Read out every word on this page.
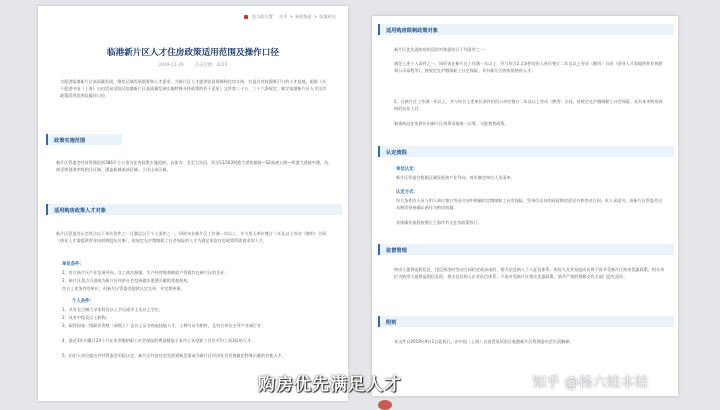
您当前位置： 首页 > 新闻频道 > 临港时讯
临港新片区人才住房政策适用范围及操作口径
2019-11-29	点击次数：4315
为促进临港新片区高质量发展，聚焦区域发展需要和人才需求，为新片区人才提供安居保障和住房支持，打造具有较强吸引力的人才高地，根据《关于促进中国（上海）自由贸易试验区临港新片区高质量发展实施特殊支持政策的若干意见》文件第三十五、三十六条规定，制定临港新片区人才住房政策适用范围及操作口径。
政策实施范围
新片区管委会经济管理范围386平方公里为住房政策实施范围。具体为：北至大治河，西至G1503两港大道快速路—S2高速公路—两港大道接中港，东、南至规划海岸线围合区域，涵盖新城南部区域，小洋山岛区域。
适用购房政策人才对象
新片区管委会认定符合以下单位条件之一且满足以下个人条件之一，同时该在新片区工作满一年以上、并与用人单位签订二年及以上劳动（聘用）合同（创业人才需提供营业执照和股东名册），按规定在沪缴纳职工社会保险的人才为满足本次住房政策所需请求的人才。
单位条件：
1、符合新片区产业发展导向，且工商注册地、生产经营地和税收户管辖均在新片区的企业；
2、新片区重点引进或为新片区经济社会发展做出重要贡献的其他机构。
符合上述条件的单位，由新片区管委会提供认定名单，并定期更新。
个人条件：
1、具有全日制大学本科及以上学历或学士及以上学位；
2、具有中级及以上职称；
3、取得国家二级职业资格（高级工）及以上证书的高技能人才，工种与证书相符，且符合单位主导产业或行业；
4、最近3年内累计24个月在本市缴纳职工社会保险的费基数高于本市上年度职工社会平均工资3倍的人才；
5、由用人单位提出并经管委会申报认定，新片区经济社会发展紧缺急需或为新片区经济社会发展做出特殊贡献的其他人才。
适用购房限制政策对象
新片区优先选购房则适用对象需符合下列条件之一：
满足上述个人条件之一，同时该在新片区工作满一年以上、并与符合2.1条件的用人单位签订二年及以上劳动（聘用）合同（创业人才需提供营业执照和公司章程等），按规定在沪缴纳职工社会保险、具有新片区购房资格的人才；
2、在新片区工作满一年以上，并与符合上述单位条件的用人单位签订二年及以上劳动（聘用）合同，按规定在沪缴纳职工社会保险、具有本市购房资格的居住人口。
新建商品住房供应由新片区统筹采取统一认筹、分批销售政策。
认定流程
单位认定：
新片区管委会根据区域发展和产业导向，每年制定单位人员清单。
认定方式：
符合条件的人员与用人单位签订劳动合同中明确约定缴纳职工社会保险，凭单位出具的同意购房意见书和劳动合同、本人承诺书，由新片区管委会出具购房资格确认函作为购房依据。
具体操作流程按照行上海市有关住房政策执行。
监督管理
购房人提供虚假信息、违反购房时劳动合同约定或承诺的，相关信息纳入个人征信体系；购房人及其家庭成员将不再享受新片区购房优惠政策。相关单位为购房人提供虚假信息的，相关信息纳入企业征信体系，不再享受新片区相关优惠政策，情节严重的将移交有关部门追究责任。
附则
本文件自2019年9月1日起执行。由中国（上海）自由贸易试验区临港新片区管理委员会负责解释。
购房优先满足人才	知乎 @杨六娃本娃
